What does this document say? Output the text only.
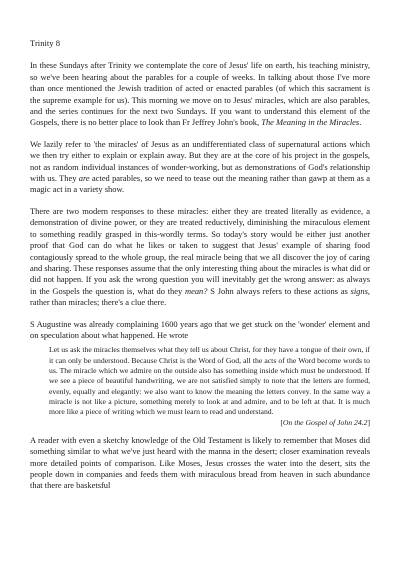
Trinity 8

In these Sundays after Trinity we contemplate the core of Jesus' life on earth, his teaching ministry, so we've been hearing about the parables for a couple of weeks. In talking about those I've more than once mentioned the Jewish tradition of acted or enacted parables (of which this sacrament is the supreme example for us). This morning we move on to Jesus' miracles, which are also parables, and the series continues for the next two Sundays. If you want to understand this element of the Gospels, there is no better place to look than Fr Jeffrey John's book, The Meaning in the Miracles.

We lazily refer to 'the miracles' of Jesus as an undifferentiated class of supernatural actions which we then try either to explain or explain away. But they are at the core of his project in the gospels, not as random individual instances of wonder-working, but as demonstrations of God's relationship with us. They are acted parables, so we need to tease out the meaning rather than gawp at them as a magic act in a variety show.

There are two modern responses to these miracles: either they are treated literally as evidence, a demonstration of divine power, or they are treated reductively, diminishing the miraculous element to something readily grasped in this-wordly terms. So today's story would be either just another proof that God can do what he likes or taken to suggest that Jesus' example of sharing food contagiously spread to the whole group, the real miracle being that we all discover the joy of caring and sharing. These responses assume that the only interesting thing about the miracles is what did or did not happen. If you ask the wrong question you will inevitably get the wrong answer: as always in the Gospels the question is, what do they mean? S John always refers to these actions as signs, rather than miracles; there's a clue there.

S Augustine was already complaining 1600 years ago that we get stuck on the 'wonder' element and on speculation about what happened. He wrote

Let us ask the miracles themselves what they tell us about Christ, for they have a tongue of their own, if it can only be understood. Because Christ is the Word of God, all the acts of the Word become words to us. The miracle which we admire on the outside also has something inside which must be understood. If we see a piece of beautiful handwriting, we are not satisfied simply to note that the letters are formed, evenly, equally and elegantly: we also want to know the meaning the letters convey. In the same way a miracle is not like a picture, something merely to look at and admire, and to be left at that. It is much more like a piece of writing which we must learn to read and understand.
[On the Gospel of John 24.2]

A reader with even a sketchy knowledge of the Old Testament is likely to remember that Moses did something similar to what we've just heard with the manna in the desert; closer examination reveals more detailed points of comparison. Like Moses, Jesus crosses the water into the desert, sits the people down in companies and feeds them with miraculous bread from heaven in such abundance that there are basketsful
